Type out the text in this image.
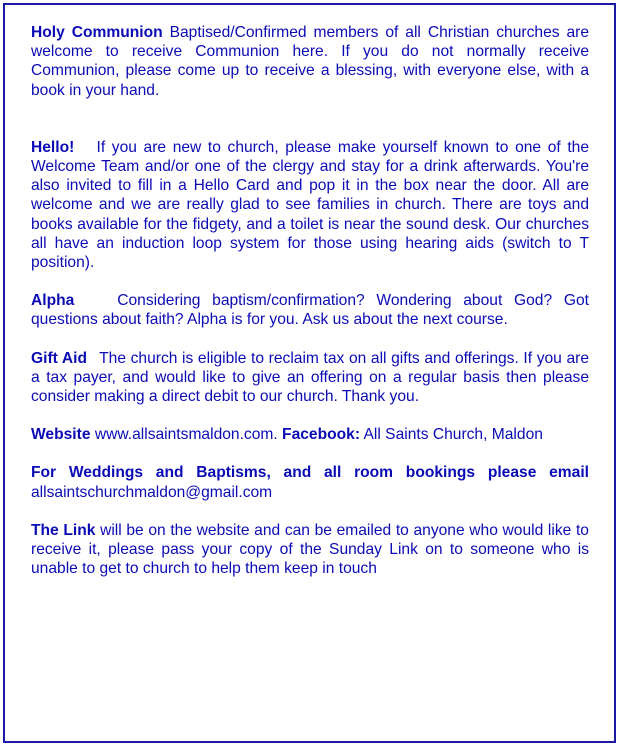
Holy Communion Baptised/Confirmed members of all Christian churches are welcome to receive Communion here. If you do not normally receive Communion, please come up to receive a blessing, with everyone else, with a book in your hand.

Hello!  If you are new to church, please make yourself known to one of the Welcome Team and/or one of the clergy and stay for a drink afterwards. You're also invited to fill in a Hello Card and pop it in the box near the door. All are welcome and we are really glad to see families in church. There are toys and books available for the fidgety, and a toilet is near the sound desk. Our churches all have an induction loop system for those using hearing aids (switch to T position).

Alpha   Considering baptism/confirmation? Wondering about God? Got questions about faith? Alpha is for you. Ask us about the next course.

Gift Aid  The church is eligible to reclaim tax on all gifts and offerings. If you are a tax payer, and would like to give an offering on a regular basis then please consider making a direct debit to our church. Thank you.

Website www.allsaintsmaldon.com. Facebook: All Saints Church, Maldon

For Weddings and Baptisms, and all room bookings please email allsaintschurchmaldon@gmail.com

The Link will be on the website and can be emailed to anyone who would like to receive it, please pass your copy of the Sunday Link on to someone who is unable to get to church to help them keep in touch
